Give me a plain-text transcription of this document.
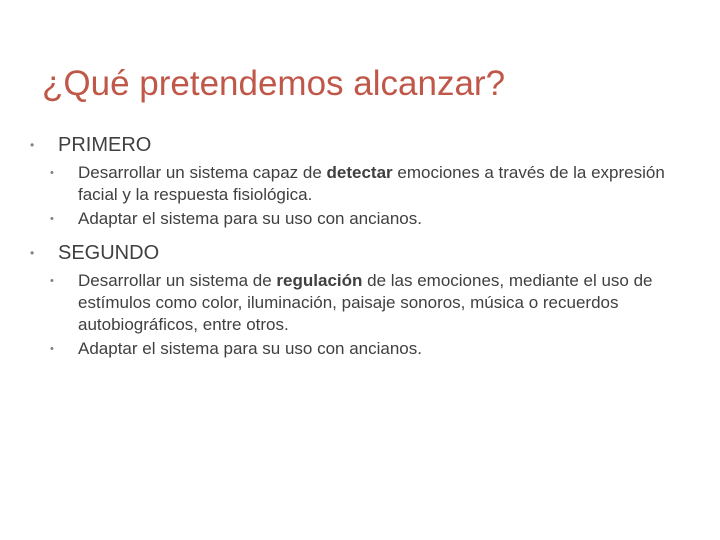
¿Qué pretendemos alcanzar?
• PRIMERO
• Desarrollar un sistema capaz de detectar emociones a través de la expresión facial y la respuesta fisiológica.
• Adaptar el sistema para su uso con ancianos.
• SEGUNDO
• Desarrollar un sistema de regulación de las emociones, mediante el uso de estímulos como color, iluminación, paisaje sonoros, música o recuerdos autobiográficos, entre otros.
• Adaptar el sistema para su uso con ancianos.
